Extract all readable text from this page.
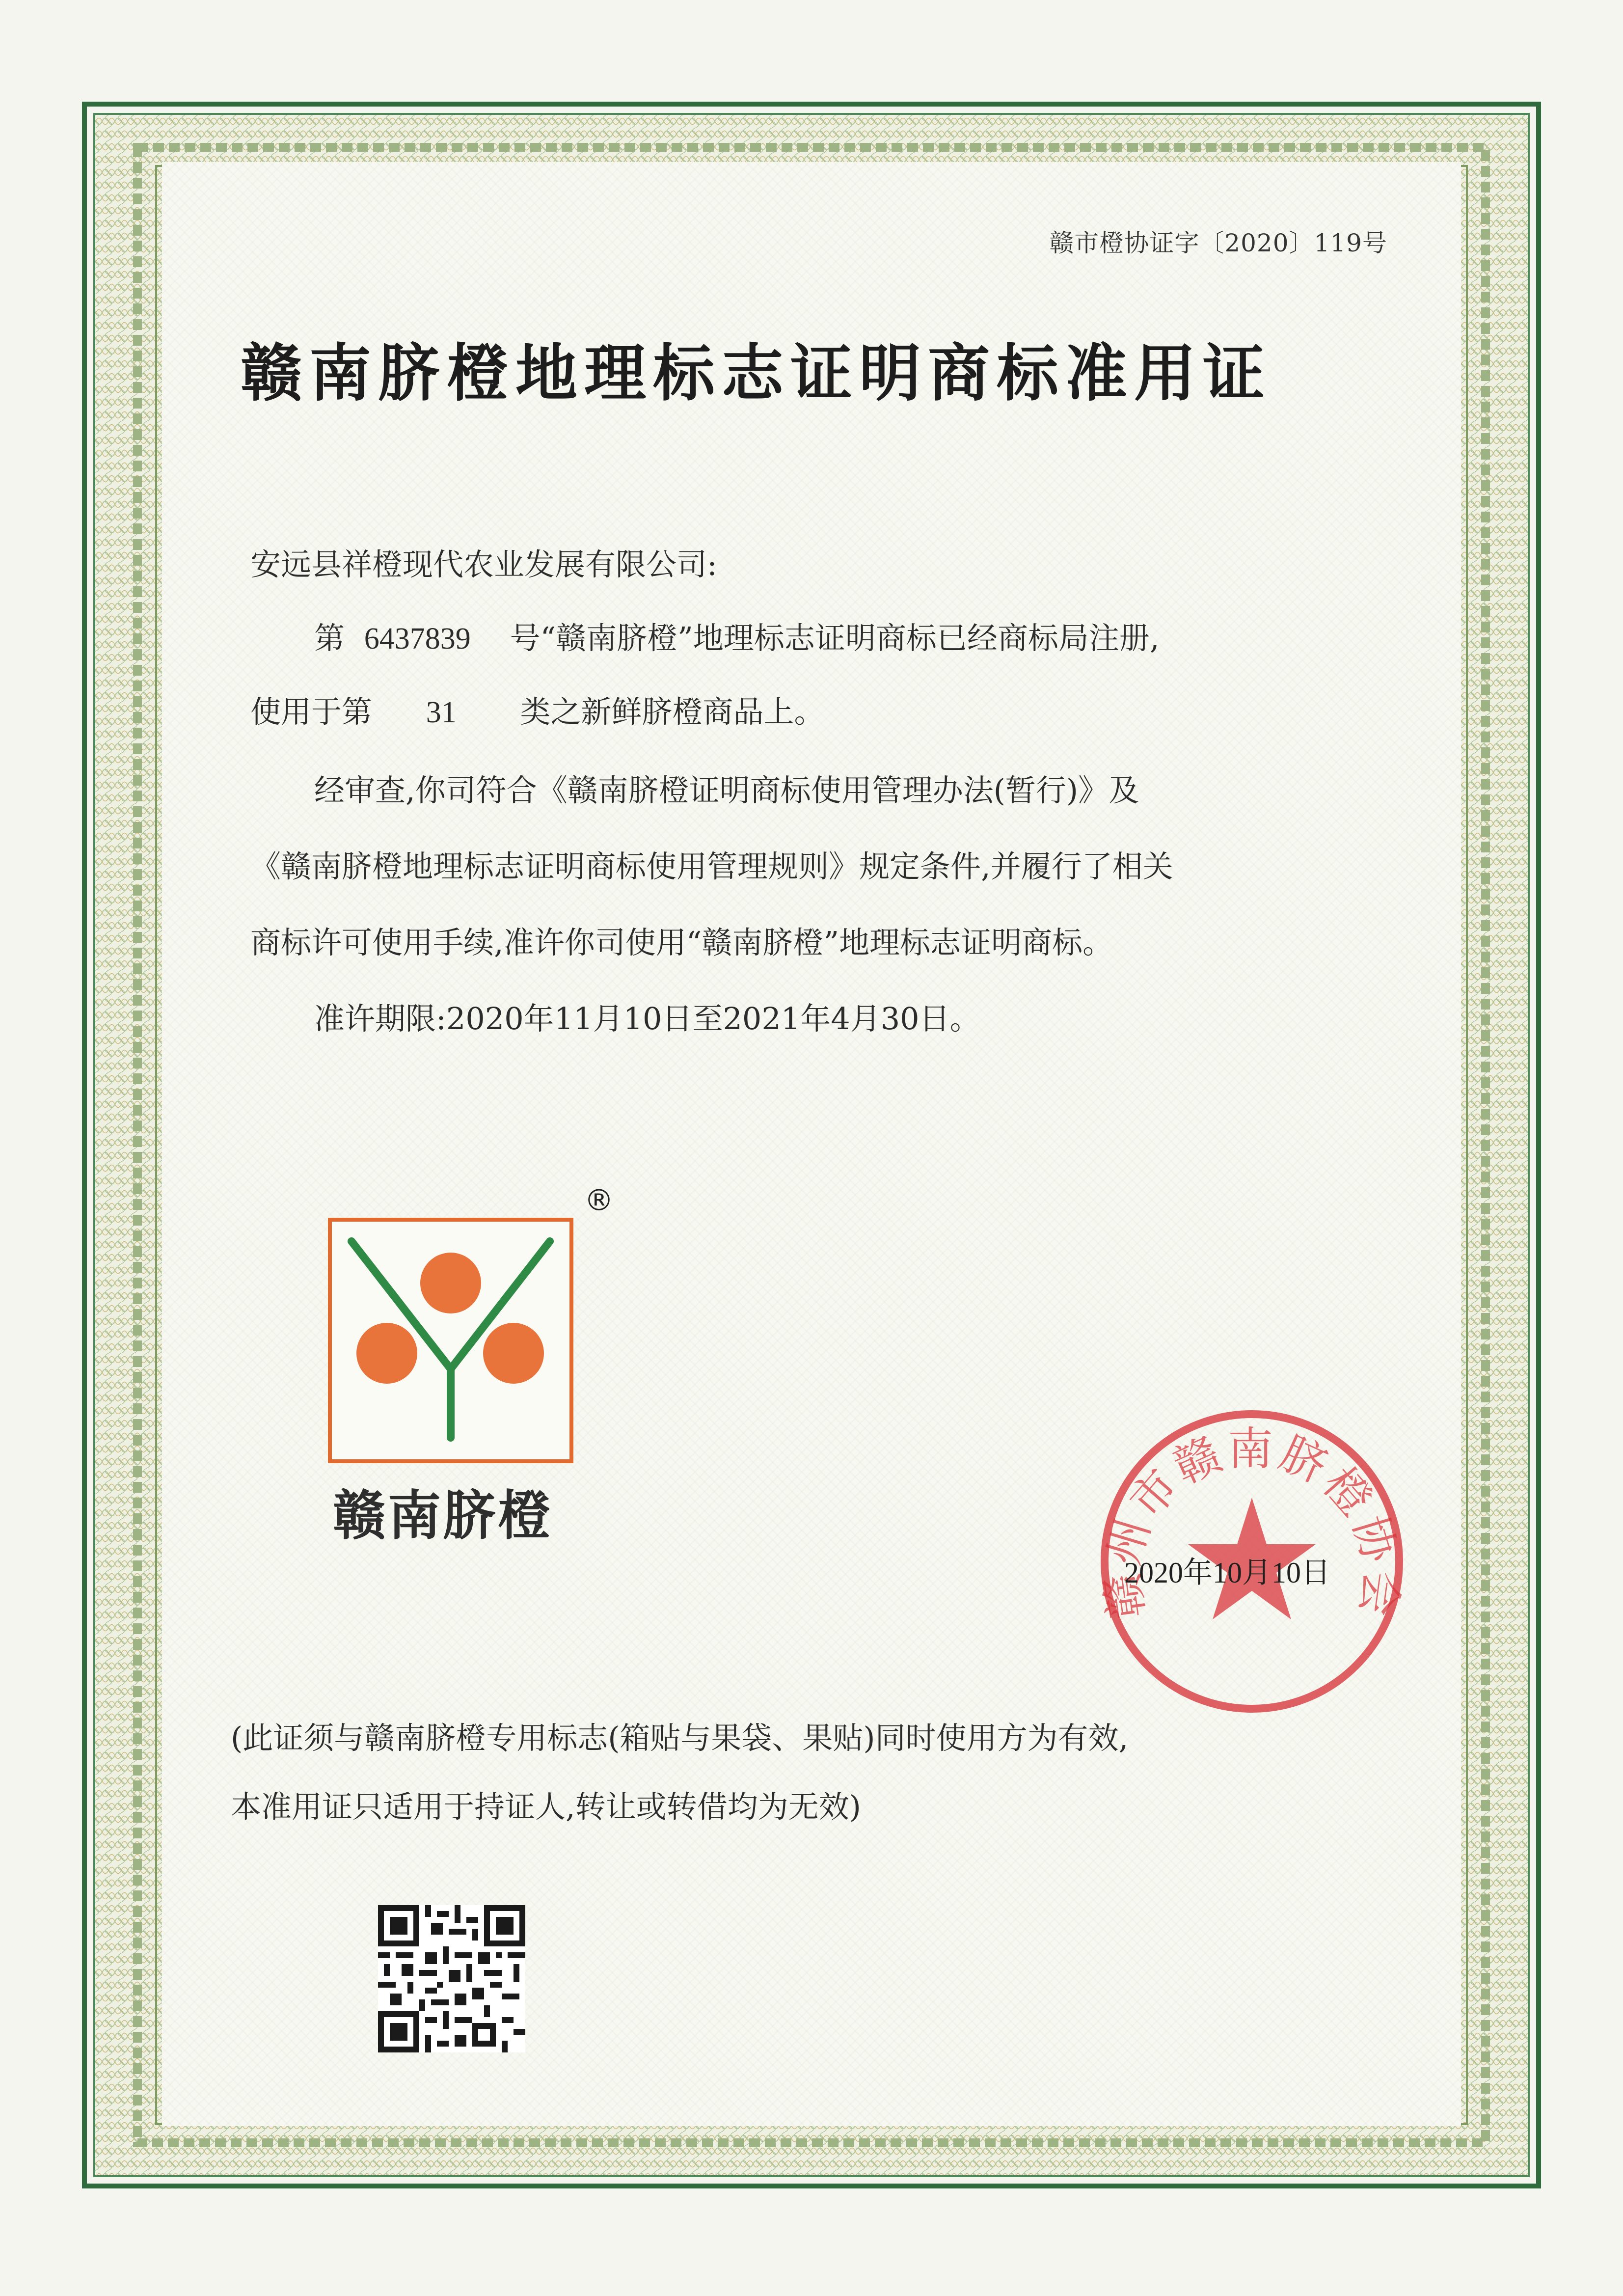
赣市橙协证字〔2020〕119号
赣南脐橙地理标志证明商标准用证
安远县祥橙现代农业发展有限公司:
第 6437839 号“赣南脐橙”地理标志证明商标已经商标局注册,
使用于第 31 类之新鲜脐橙商品上。
经审查,你司符合《赣南脐橙证明商标使用管理办法(暂行)》及
《赣南脐橙地理标志证明商标使用管理规则》规定条件,并履行了相关
商标许可使用手续,准许你司使用“赣南脐橙”地理标志证明商标。
准许期限:2020年11月10日至2021年4月30日。
®
赣南脐橙
赣州市赣南脐橙协会
2020年10月10日
(此证须与赣南脐橙专用标志(箱贴与果袋、果贴)同时使用方为有效,
本准用证只适用于持证人,转让或转借均为无效)
